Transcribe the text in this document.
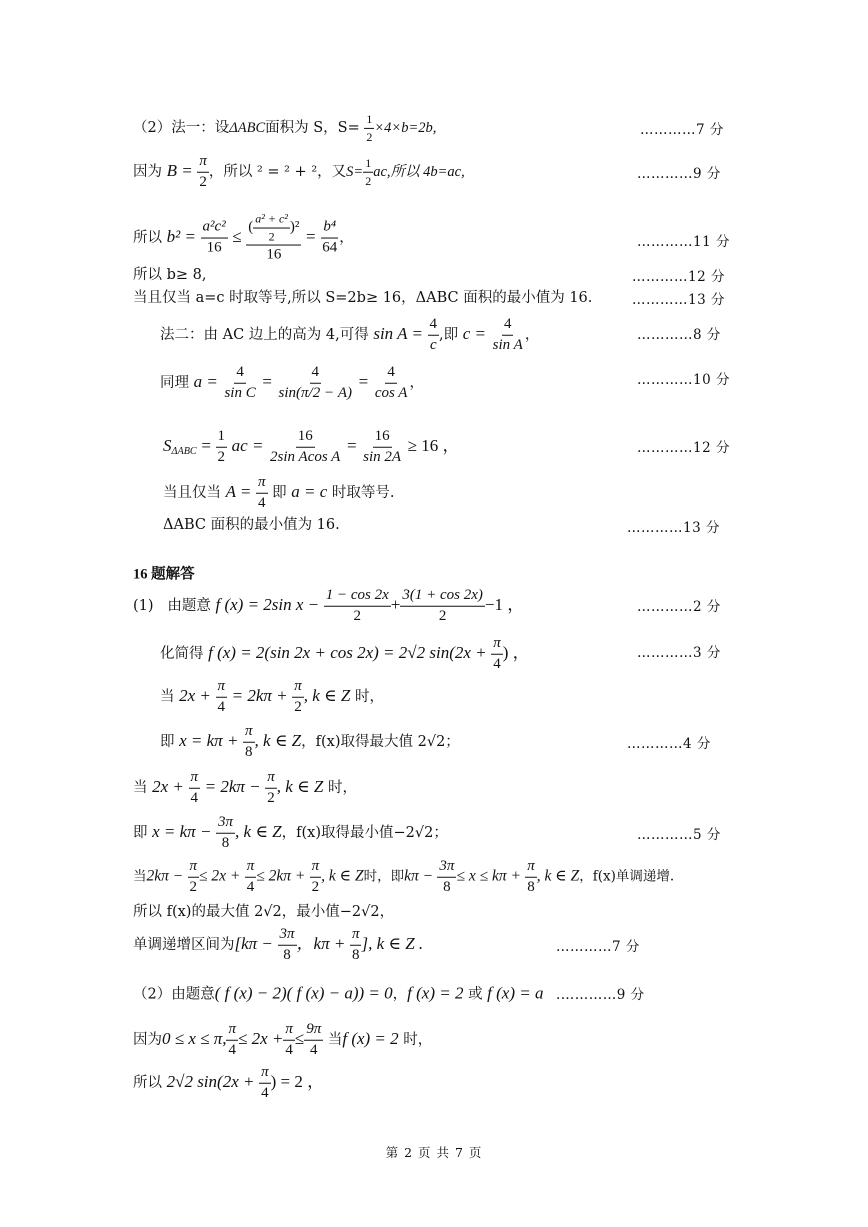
（2）法一：设ΔABC面积为 S，$S= \frac{1}{2} \times 4\times b=2b$,	…………7 分
因为 $B = \frac{\pi}{2}$ ，所以 ² = ² + ²，又$S= \frac{1}{2}$ ac,所以 4b=ac,	…………9 分
所以 $b^2 = \frac{\text{a²c²}}{16} \le \frac{( \frac{\text{a² + c²}}{2} )^2}{16} = \frac{\text{b⁴}}{64}$ ，	…………11 分
所以 b≥ 8,	…………12 分
当且仅当 a=c 时取等号,所以 S=2b≥ 16，ΔABC 面积的最小值为 16.	…………13 分
法二：由 AC 边上的高为 4,可得 $\sin A = \frac{4}{c}$ ,即 $c = \frac{4}{\text{sin A}}$ ，	…………8 分
同理 $a = \frac{4}{\text{sin C}} = \frac{4}{\sin(\pi/2 - A)} = \frac{4}{\text{cos A}}$ ，	…………10 分
$S_{\Delta ABC} = \frac{1}{2}$ ac = $\frac{16}{\text{2sin Acos A}} = \frac{16}{\sin 2A} \ge 16$ ，	…………12 分
当且仅当 $A = \frac{\pi}{4}$ 即 a = c 时取等号.
ΔABC 面积的最小值为 16.	…………13 分
16 题解答
(1) 由题意 f (x) = 2sin $x - \frac{1 - \cos 2x}{2} + \frac{3(1 + \cos 2x)}{2} -1$ ，	…………2 分
化简得 f (x) = 2(sin 2x + cos 2x) = 2√2 $\sin(2x + \frac{\pi}{4}$ ) ，	…………3 分
当 $2x + \frac{\pi}{4} = 2k\pi + \frac{\pi}{2}$ , k ∈ Z 时，
即 $x = k\pi + \frac{\pi}{8}$ , k ∈ Z，f(x)取得最大值 2√2；	…………4 分
当 $2x + \frac{\pi}{4} = 2k\pi - \frac{\pi}{2}$ , k ∈ Z 时，
即 $x = k\pi - \frac{3\pi}{8}$ , k ∈ Z，f(x)取得最小值−2√2；	…………5 分
当$2k\pi - \frac{\pi}{2} \le 2x + \frac{\pi}{4} \le 2k\pi + \frac{\pi}{2}$ , k ∈ Z时，即$k\pi - \frac{3\pi}{8} \le x \le k\pi + \frac{\pi}{8}$ , k ∈ Z，f(x)单调递增.
所以 f(x)的最大值 2√2，最小值−2√2，
单调递增区间为[$k\pi - \frac{3\pi}{8}$ ，$k\pi + \frac{\pi}{8}$ ], k ∈ Z .	…………7 分
（2）由题意( f (x) − 2)( f (x) − a)) = 0，f (x) = 2 或 f (x) = a .…………9 分
因为0 ≤ x ≤ π, $\frac{\pi}{4} \le 2x + \frac{\pi}{4} \le \frac{9\pi}{4}$ 当f (x) = 2 时，
所以 2√2 $\sin(2x + \frac{\pi}{4}$ ) = 2 ，
第 2 页 共 7 页
